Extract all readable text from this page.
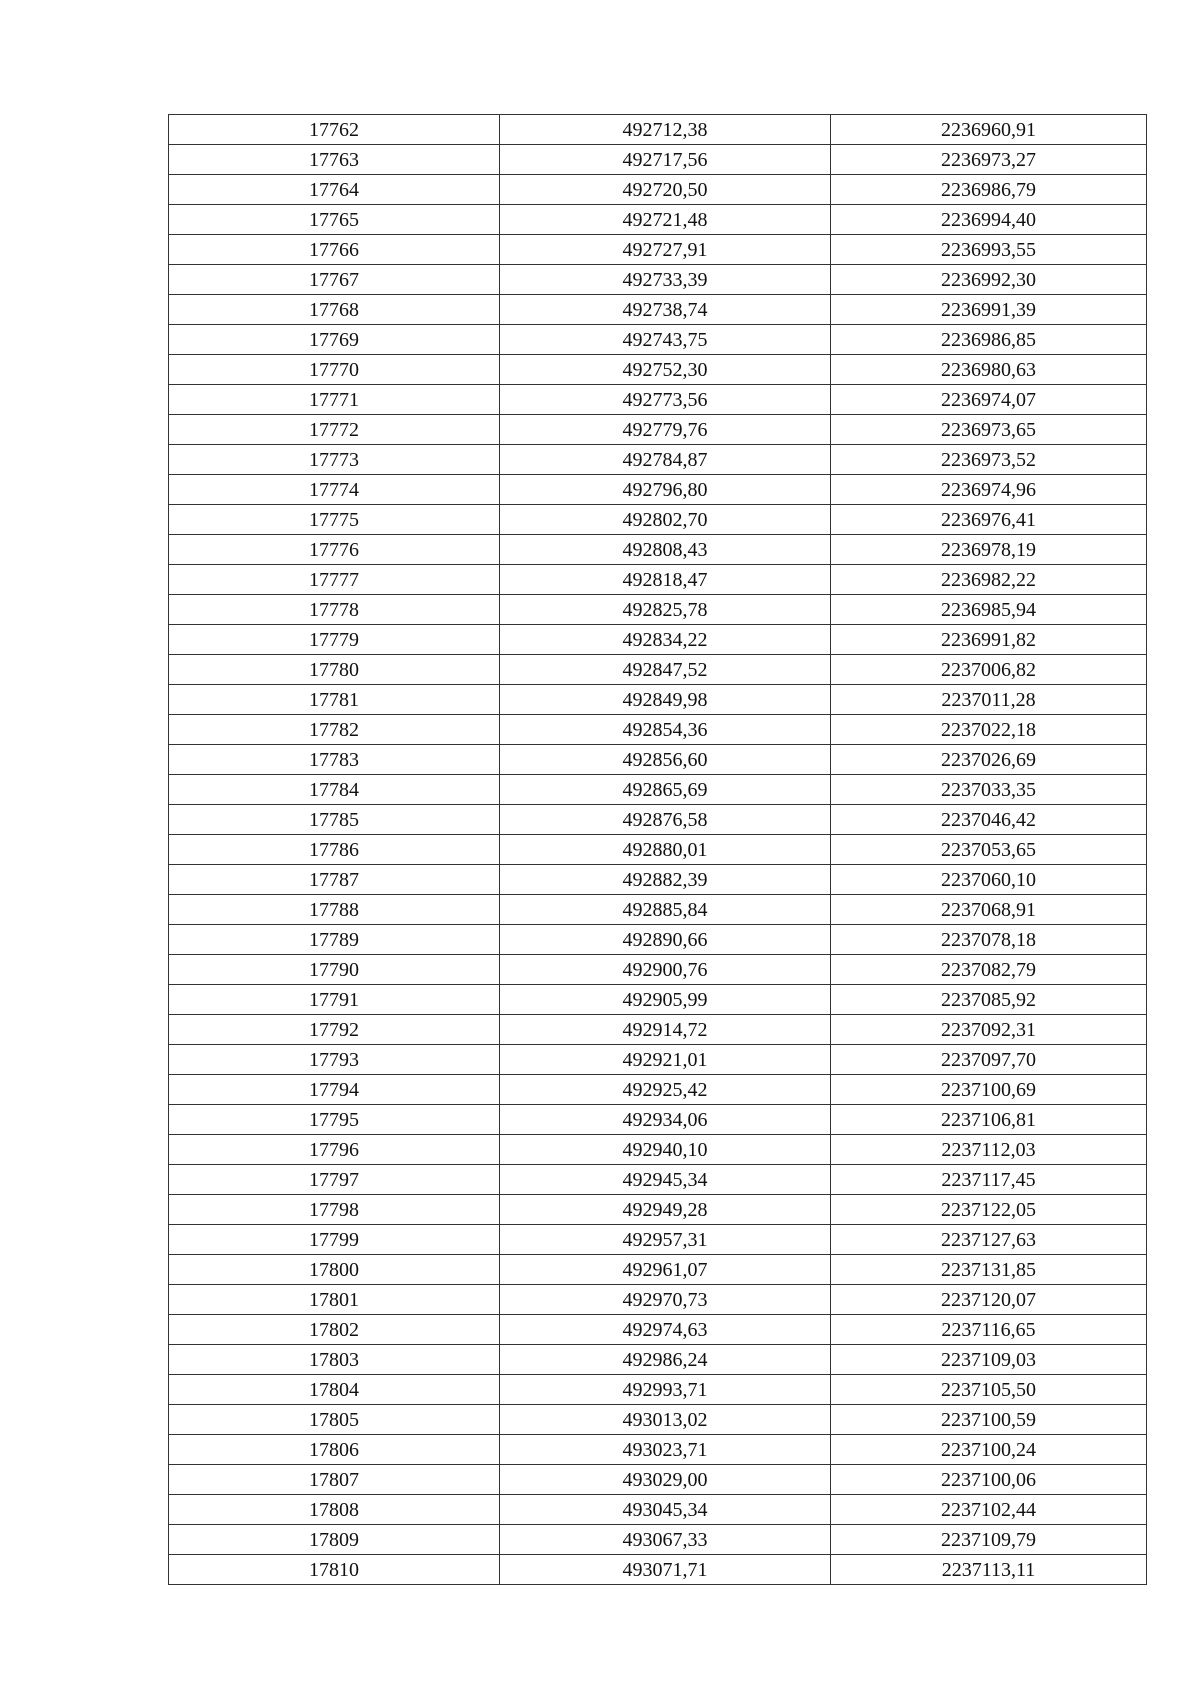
17762	492712,38	2236960,91
17763	492717,56	2236973,27
17764	492720,50	2236986,79
17765	492721,48	2236994,40
17766	492727,91	2236993,55
17767	492733,39	2236992,30
17768	492738,74	2236991,39
17769	492743,75	2236986,85
17770	492752,30	2236980,63
17771	492773,56	2236974,07
17772	492779,76	2236973,65
17773	492784,87	2236973,52
17774	492796,80	2236974,96
17775	492802,70	2236976,41
17776	492808,43	2236978,19
17777	492818,47	2236982,22
17778	492825,78	2236985,94
17779	492834,22	2236991,82
17780	492847,52	2237006,82
17781	492849,98	2237011,28
17782	492854,36	2237022,18
17783	492856,60	2237026,69
17784	492865,69	2237033,35
17785	492876,58	2237046,42
17786	492880,01	2237053,65
17787	492882,39	2237060,10
17788	492885,84	2237068,91
17789	492890,66	2237078,18
17790	492900,76	2237082,79
17791	492905,99	2237085,92
17792	492914,72	2237092,31
17793	492921,01	2237097,70
17794	492925,42	2237100,69
17795	492934,06	2237106,81
17796	492940,10	2237112,03
17797	492945,34	2237117,45
17798	492949,28	2237122,05
17799	492957,31	2237127,63
17800	492961,07	2237131,85
17801	492970,73	2237120,07
17802	492974,63	2237116,65
17803	492986,24	2237109,03
17804	492993,71	2237105,50
17805	493013,02	2237100,59
17806	493023,71	2237100,24
17807	493029,00	2237100,06
17808	493045,34	2237102,44
17809	493067,33	2237109,79
17810	493071,71	2237113,11
